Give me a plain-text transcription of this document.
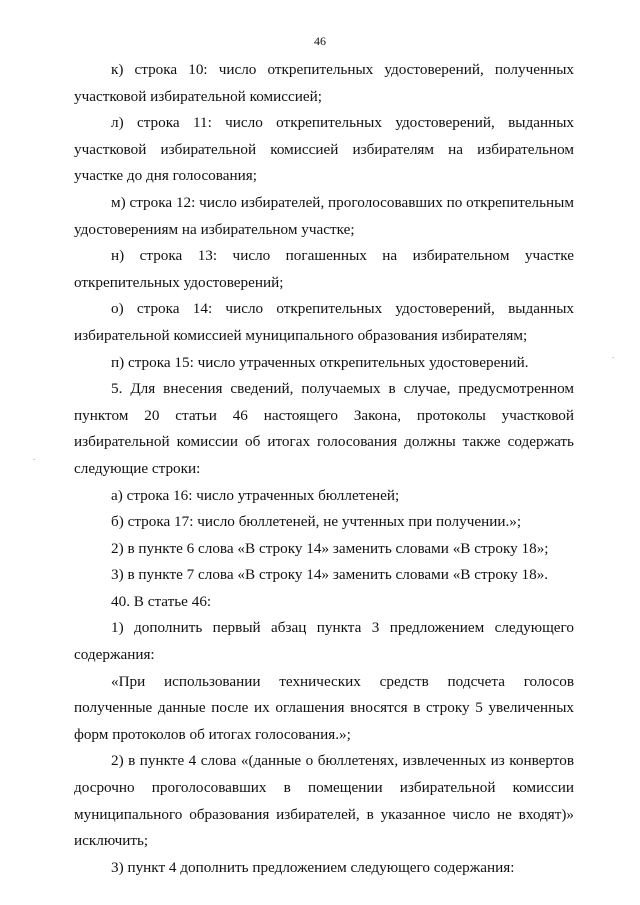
46

к) строка 10: число открепительных удостоверений, полученных участковой избирательной комиссией;

л) строка 11: число открепительных удостоверений, выданных участковой избирательной комиссией избирателям на избирательном участке до дня голосования;

м) строка 12: число избирателей, проголосовавших по открепительным удостоверениям на избирательном участке;

н) строка 13: число погашенных на избирательном участке открепительных удостоверений;

о) строка 14: число открепительных удостоверений, выданных избирательной комиссией муниципального образования избирателям;

п) строка 15: число утраченных открепительных удостоверений.

5. Для внесения сведений, получаемых в случае, предусмотренном пунктом 20 статьи 46 настоящего Закона, протоколы участковой избирательной комиссии об итогах голосования должны также содержать следующие строки:

а) строка 16: число утраченных бюллетеней;

б) строка 17: число бюллетеней, не учтенных при получении.»;

2) в пункте 6 слова «В строку 14» заменить словами «В строку 18»;

3) в пункте 7 слова «В строку 14» заменить словами «В строку 18».

40. В статье 46:

1) дополнить первый абзац пункта 3 предложением следующего содержания:

«При использовании технических средств подсчета голосов полученные данные после их оглашения вносятся в строку 5 увеличенных форм протоколов об итогах голосования.»;

2) в пункте 4 слова «(данные о бюллетенях, извлеченных из конвертов досрочно проголосовавших в помещении избирательной комиссии муниципального образования избирателей, в указанное число не входят)» исключить;

3) пункт 4 дополнить предложением следующего содержания:

.
.
